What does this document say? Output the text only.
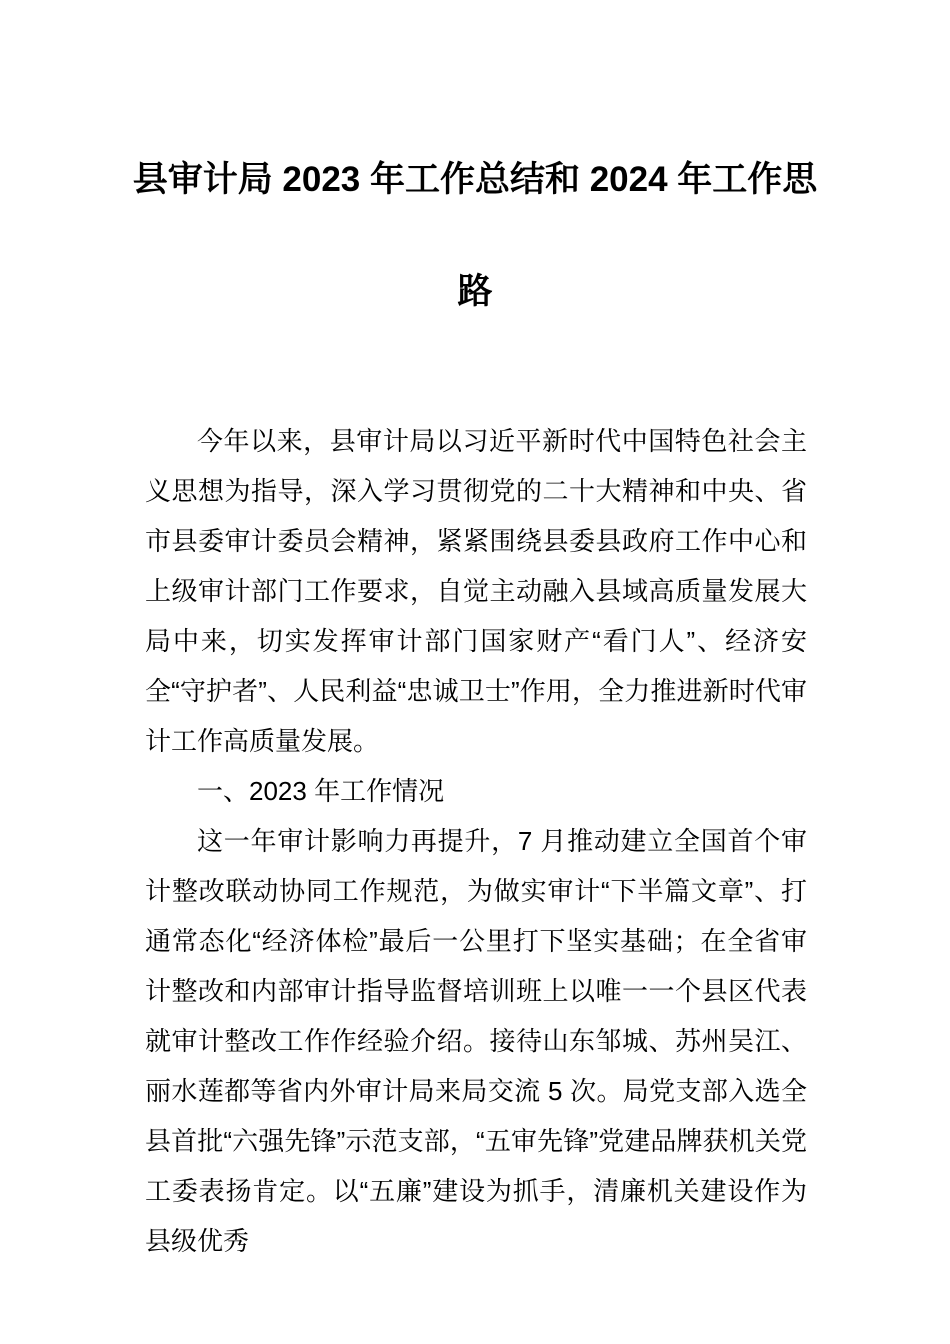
县审计局 2023 年工作总结和 2024 年工作思
路

今年以来，县审计局以习近平新时代中国特色社会主义思想为指导，深入学习贯彻党的二十大精神和中央、省市县委审计委员会精神，紧紧围绕县委县政府工作中心和上级审计部门工作要求，自觉主动融入县域高质量发展大局中来，切实发挥审计部门国家财产“看门人”、经济安全“守护者”、人民利益“忠诚卫士”作用，全力推进新时代审计工作高质量发展。

一、2023 年工作情况

这一年审计影响力再提升，7 月推动建立全国首个审计整改联动协同工作规范，为做实审计“下半篇文章”、打通常态化“经济体检”最后一公里打下坚实基础；在全省审计整改和内部审计指导监督培训班上以唯一一个县区代表就审计整改工作作经验介绍。接待山东邹城、苏州吴江、丽水莲都等省内外审计局来局交流 5 次。局党支部入选全县首批“六强先锋”示范支部，“五审先锋”党建品牌获机关党工委表扬肯定。以“五廉”建设为抓手，清廉机关建设作为县级优秀
